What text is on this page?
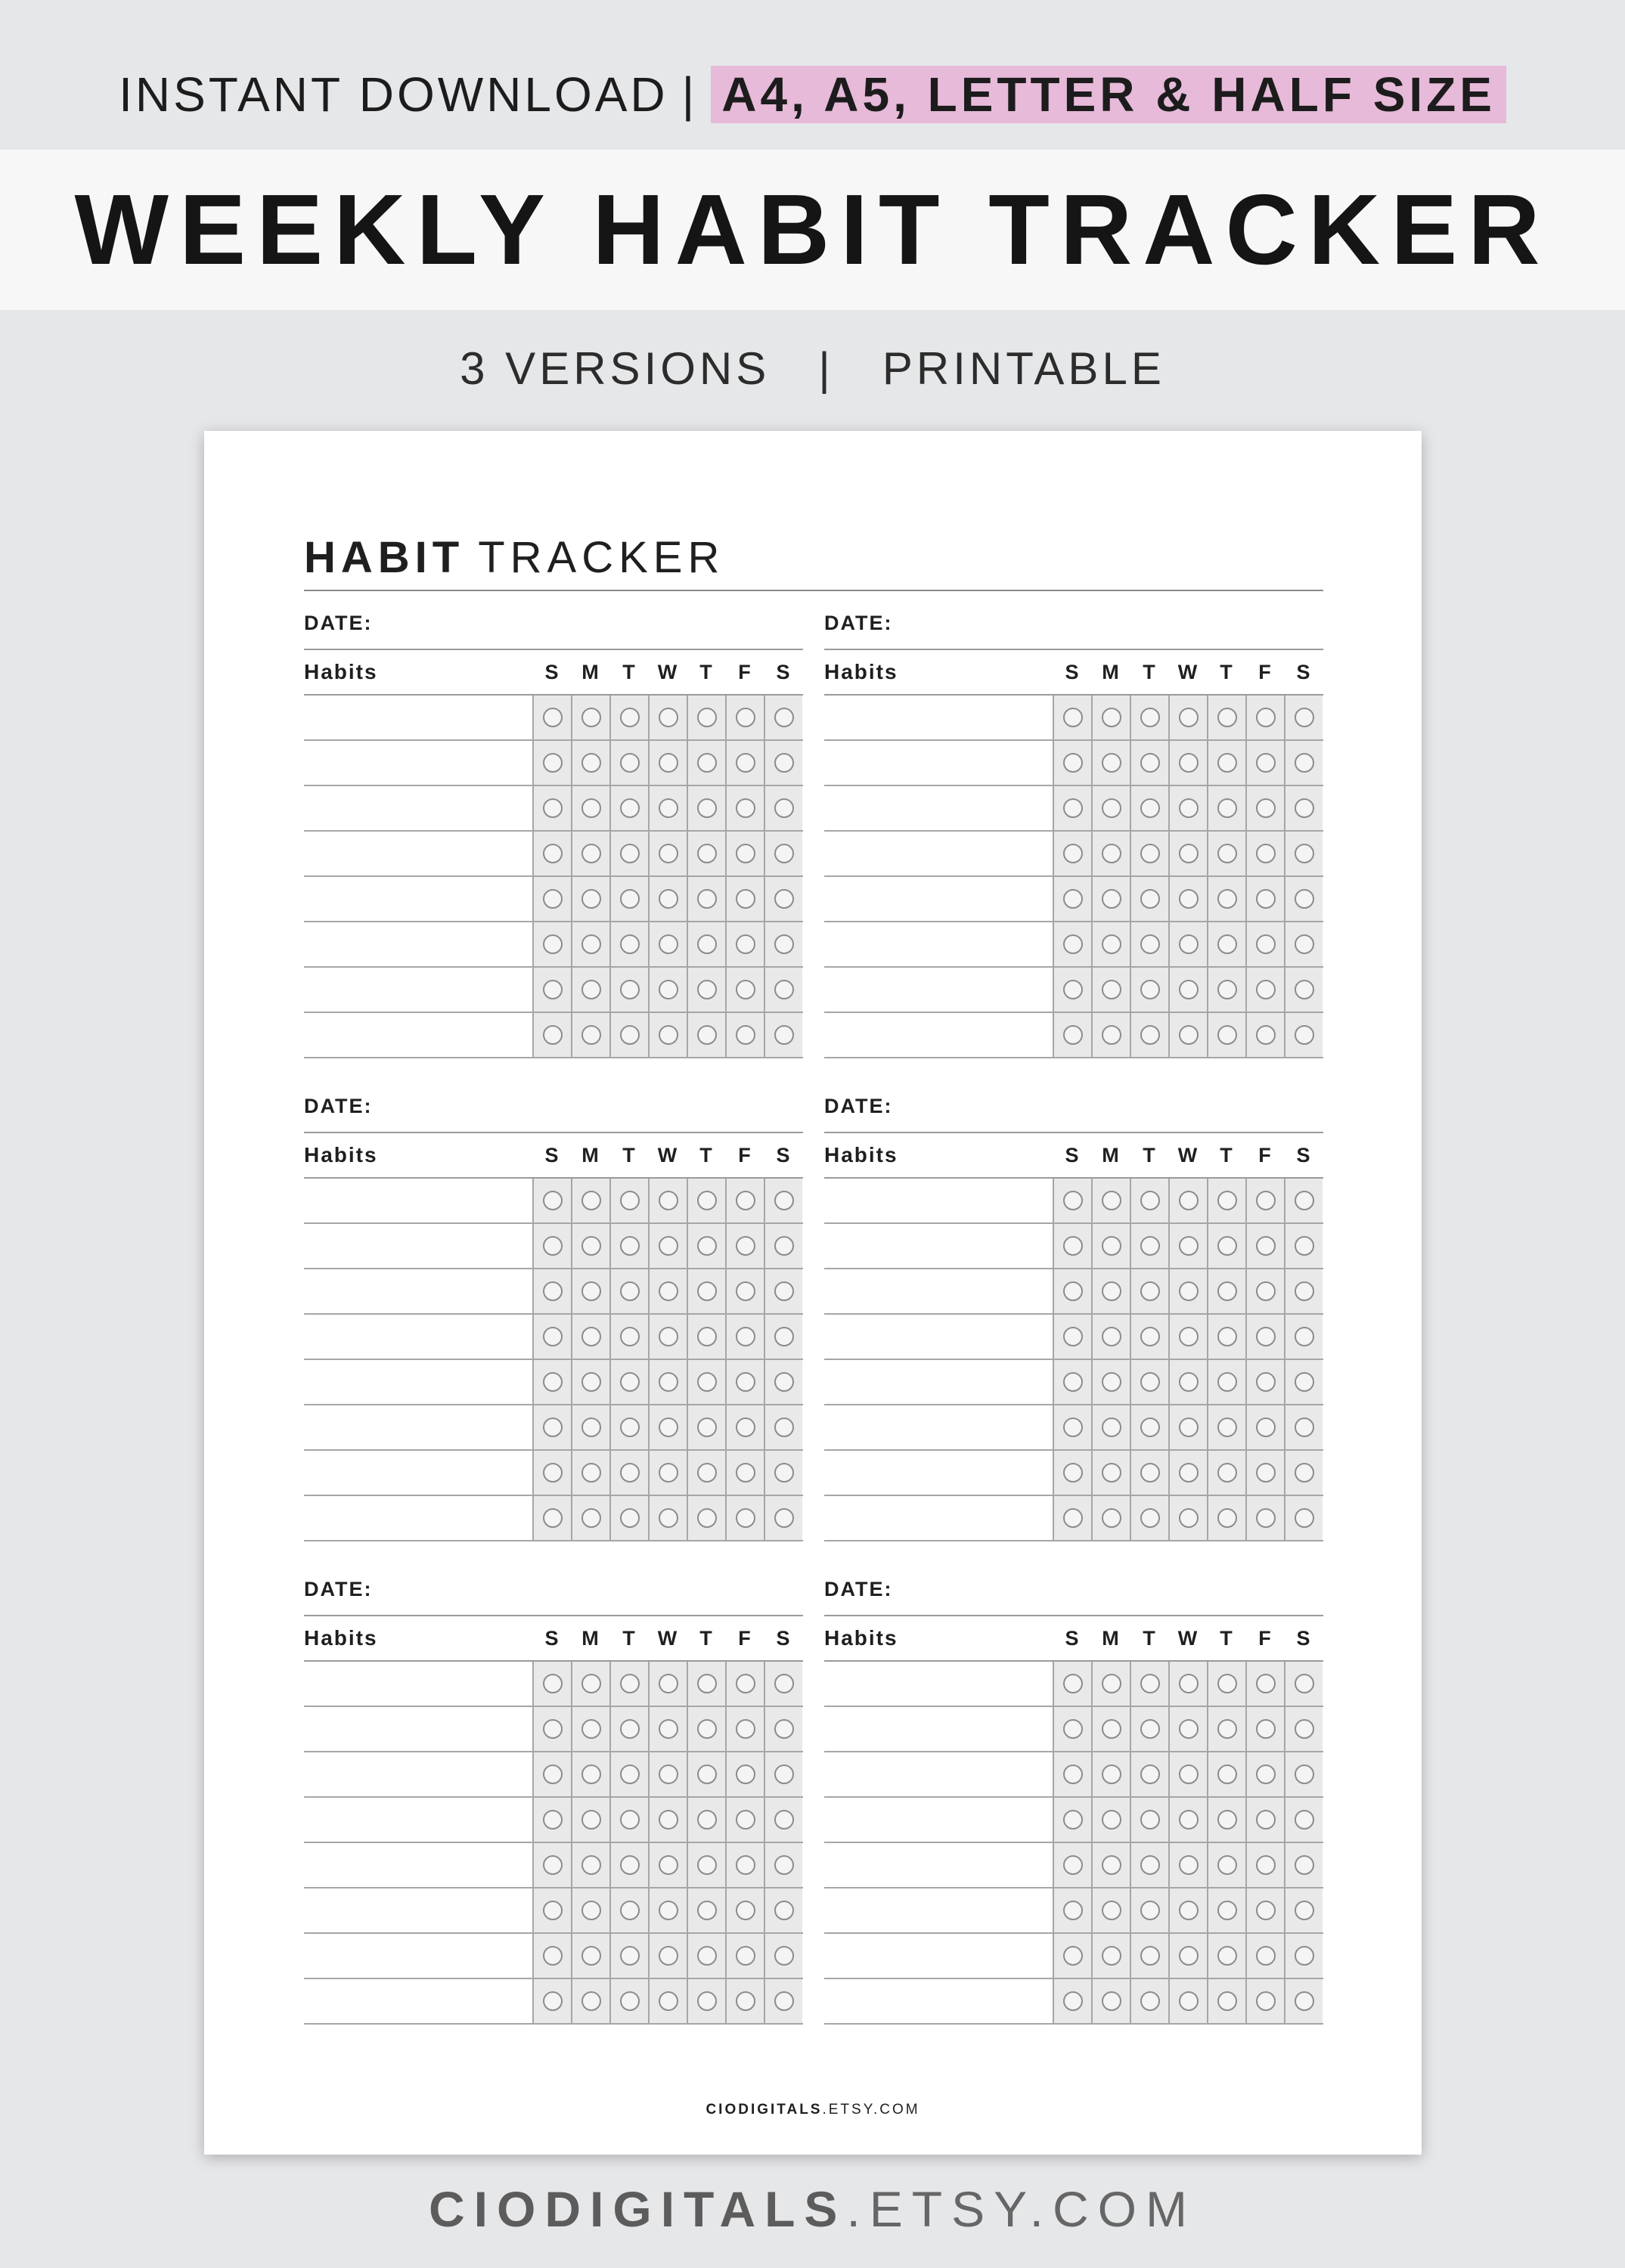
INSTANT DOWNLOAD | A4, A5, LETTER & HALF SIZE
WEEKLY HABIT TRACKER
3 VERSIONS | PRINTABLE
HABIT TRACKER
DATE:
Habits	S	M	T	W	T	F	S
DATE:
Habits	S	M	T	W	T	F	S
DATE:
Habits	S	M	T	W	T	F	S
DATE:
Habits	S	M	T	W	T	F	S
DATE:
Habits	S	M	T	W	T	F	S
DATE:
Habits	S	M	T	W	T	F	S
CIODIGITALS.ETSY.COM
CIODIGITALS.ETSY.COM
